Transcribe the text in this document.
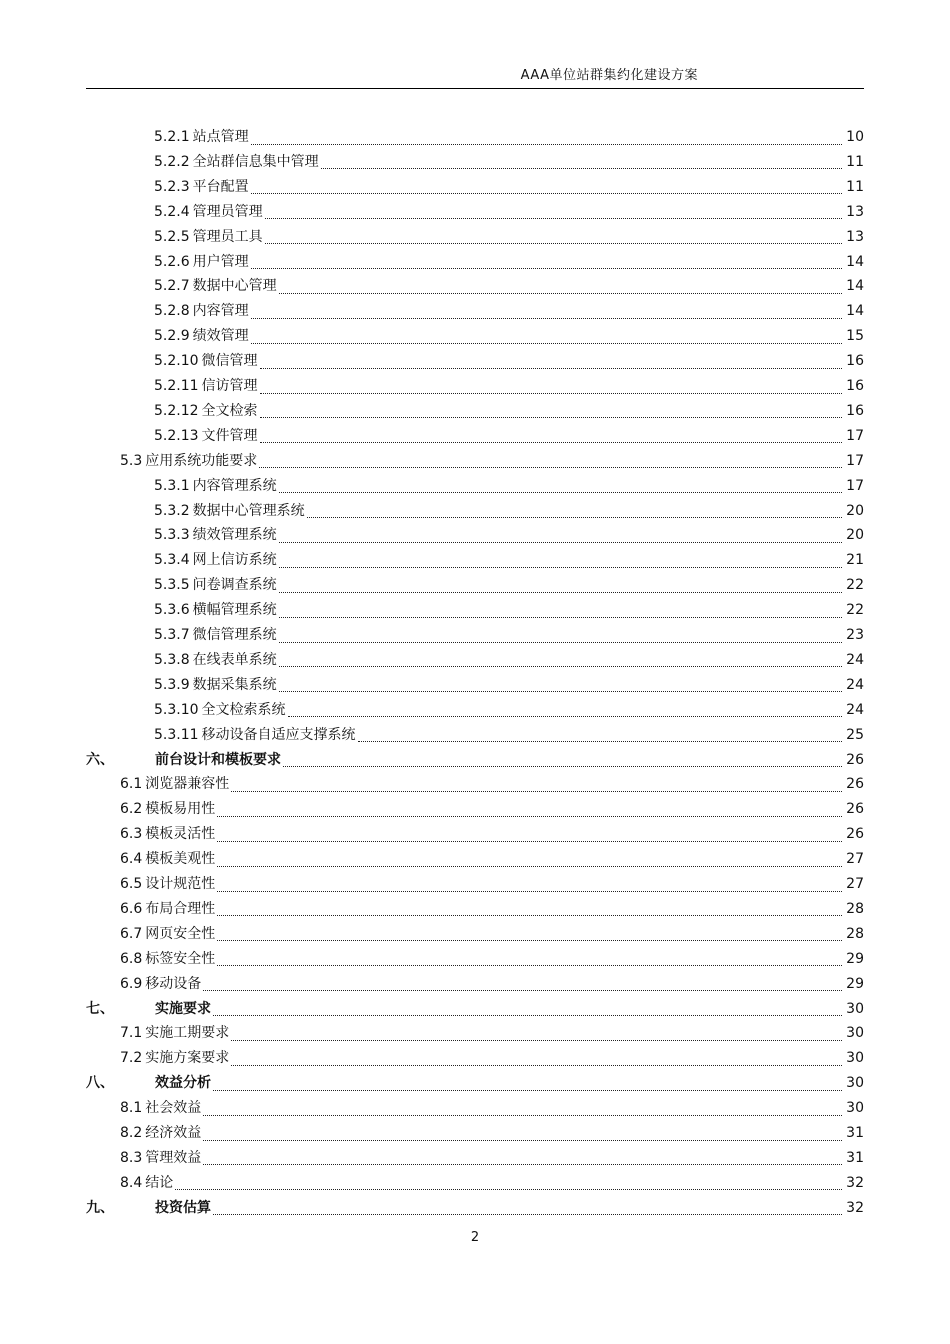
AAA单位站群集约化建设方案
5.2.1 站点管理	10
5.2.2 全站群信息集中管理	11
5.2.3 平台配置	11
5.2.4 管理员管理	13
5.2.5 管理员工具	13
5.2.6 用户管理	14
5.2.7 数据中心管理	14
5.2.8 内容管理	14
5.2.9 绩效管理	15
5.2.10 微信管理	16
5.2.11 信访管理	16
5.2.12 全文检索	16
5.2.13 文件管理	17
5.3 应用系统功能要求	17
5.3.1 内容管理系统	17
5.3.2 数据中心管理系统	20
5.3.3 绩效管理系统	20
5.3.4 网上信访系统	21
5.3.5 问卷调查系统	22
5.3.6 横幅管理系统	22
5.3.7 微信管理系统	23
5.3.8 在线表单系统	24
5.3.9 数据采集系统	24
5.3.10 全文检索系统	24
5.3.11 移动设备自适应支撑系统	25
六、	前台设计和模板要求	26
6.1 浏览器兼容性	26
6.2 模板易用性	26
6.3 模板灵活性	26
6.4 模板美观性	27
6.5 设计规范性	27
6.6 布局合理性	28
6.7 网页安全性	28
6.8 标签安全性	29
6.9 移动设备	29
七、	实施要求	30
7.1 实施工期要求	30
7.2 实施方案要求	30
八、	效益分析	30
8.1 社会效益	30
8.2 经济效益	31
8.3 管理效益	31
8.4 结论	32
九、	投资估算	32
2
